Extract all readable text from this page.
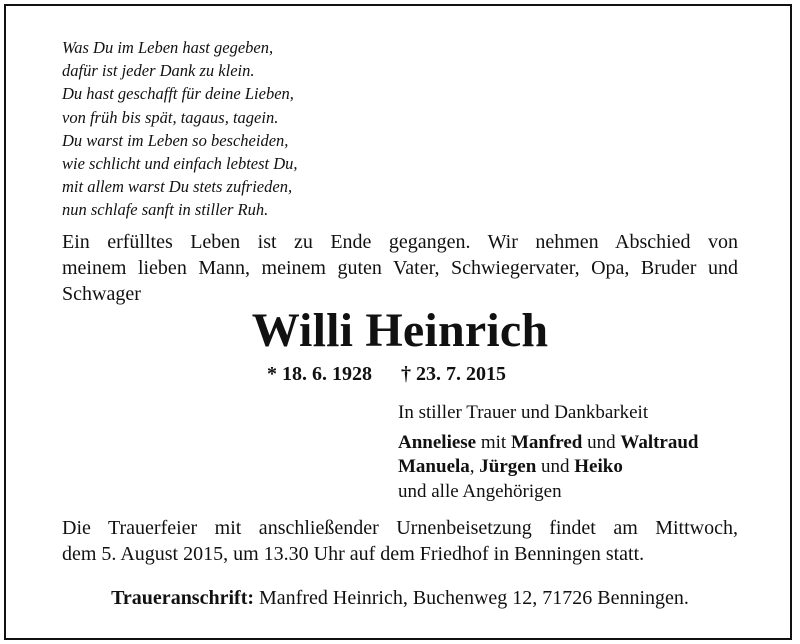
Was Du im Leben hast gegeben,
dafür ist jeder Dank zu klein.
Du hast geschafft für deine Lieben,
von früh bis spät, tagaus, tagein.
Du warst im Leben so bescheiden,
wie schlicht und einfach lebtest Du,
mit allem warst Du stets zufrieden,
nun schlafe sanft in stiller Ruh.
Ein erfülltes Leben ist zu Ende gegangen. Wir nehmen Abschied von
meinem lieben Mann, meinem guten Vater, Schwiegervater, Opa, Bruder und
Schwager
Willi Heinrich
* 18. 6. 1928 † 23. 7. 2015
In stiller Trauer und Dankbarkeit
Anneliese mit Manfred und Waltraud
Manuela, Jürgen und Heiko
und alle Angehörigen
Die Trauerfeier mit anschließender Urnenbeisetzung findet am Mittwoch,
dem 5. August 2015, um 13.30 Uhr auf dem Friedhof in Benningen statt.
Traueranschrift: Manfred Heinrich, Buchenweg 12, 71726 Benningen.
